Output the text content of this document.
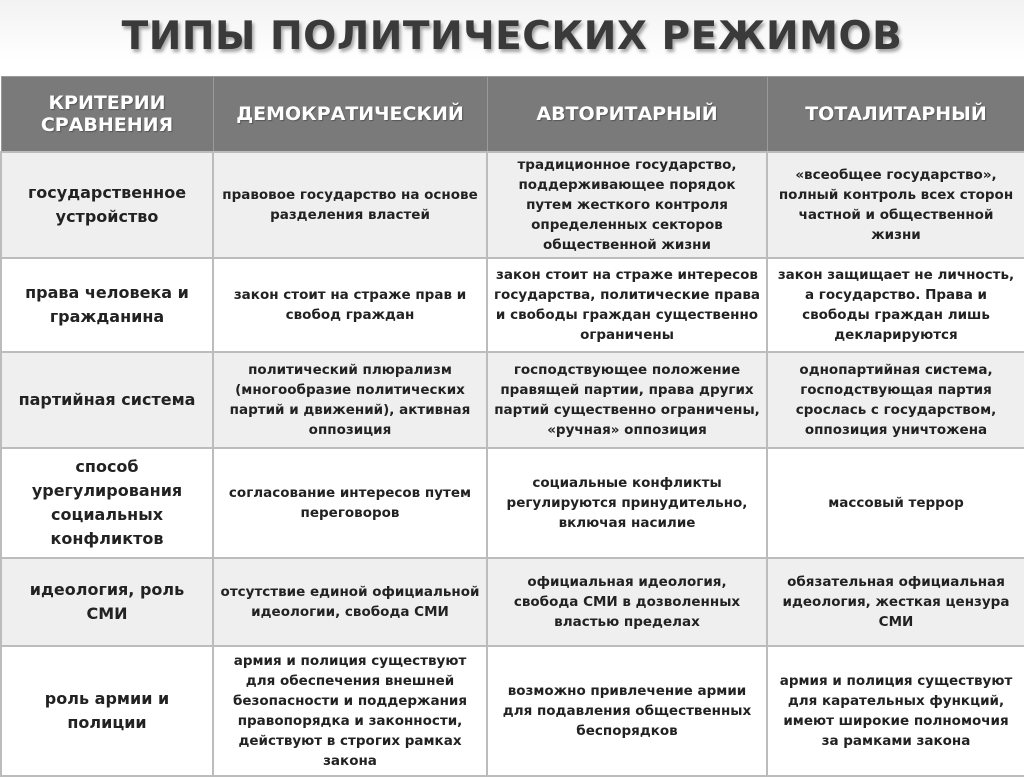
ТИПЫ ПОЛИТИЧЕСКИХ РЕЖИМОВ
КРИТЕРИИ СРАВНЕНИЯ	ДЕМОКРАТИЧЕСКИЙ	АВТОРИТАРНЫЙ	ТОТАЛИТАРНЫЙ
государственное устройство	правовое государство на основе разделения властей	традиционное государство, поддерживающее порядок путем жесткого контроля определенных секторов общественной жизни	«всеобщее государство», полный контроль всех сторон частной и общественной жизни
права человека и гражданина	закон стоит на страже прав и свобод граждан	закон стоит на страже интересов государства, политические права и свободы граждан существенно ограничены	закон защищает не личность, а государство. Права и свободы граждан лишь декларируются
партийная система	политический плюрализм (многообразие политических партий и движений), активная оппозиция	господствующее положение правящей партии, права других партий существенно ограничены, «ручная» оппозиция	однопартийная система, господствующая партия срослась с государством, оппозиция уничтожена
способ урегулирования социальных конфликтов	согласование интересов путем переговоров	социальные конфликты регулируются принудительно, включая насилие	массовый террор
идеология, роль СМИ	отсутствие единой официальной идеологии, свобода СМИ	официальная идеология, свобода СМИ в дозволенных властью пределах	обязательная официальная идеология, жесткая цензура СМИ
роль армии и полиции	армия и полиция существуют для обеспечения внешней безопасности и поддержания правопорядка и законности, действуют в строгих рамках закона	возможно привлечение армии для подавления общественных беспорядков	армия и полиция существуют для карательных функций, имеют широкие полномочия за рамками закона
